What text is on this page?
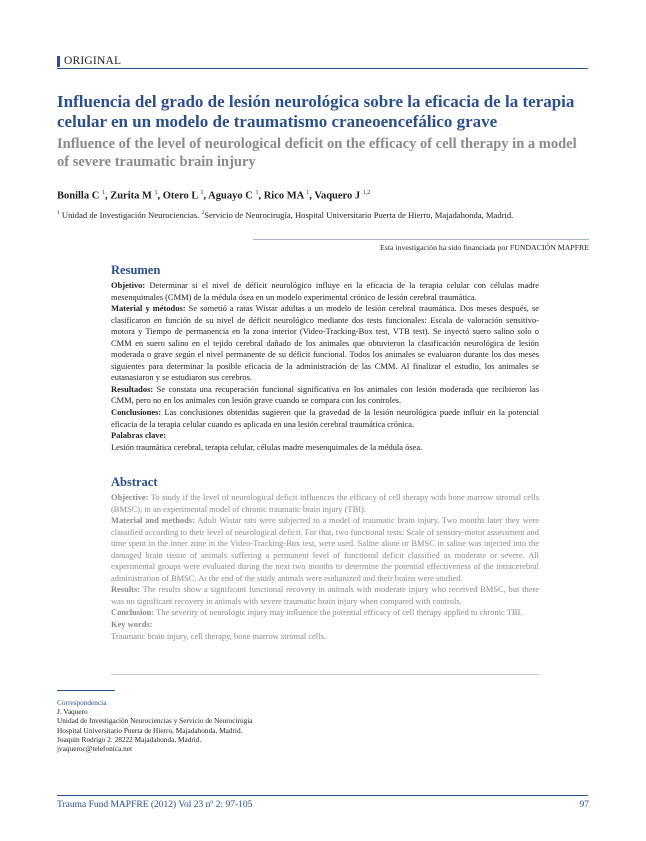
ORIGINAL
Influencia del grado de lesión neurológica sobre la eficacia de la terapia celular en un modelo de traumatismo craneoencefálico grave
Influence of the level of neurological deficit on the efficacy of cell therapy in a model of severe traumatic brain injury
Bonilla C $^1$, Zurita M $^1$, Otero L $^1$, Aguayo C $^1$, Rico MA $^1$, Vaquero J $^{1,2}$
$^1$ Unidad de Investigación Neurociencias. $^2$Servicio de Neurocirugía, Hospital Universitario Puerta de Hierro, Majadahonda, Madrid.
Esta investigación ha sido financiada por FUNDACIÓN MAPFRE
Resumen

Objetivo: Determinar si el nivel de déficit neurológico influye en la eficacia de la terapia celular con células madre mesenquimales (CMM) de la médula ósea en un modelo experimental crónico de lesión cerebral traumática.

Material y métodos: Se sometió a ratas Wistar adultas a un modelo de lesión cerebral traumática. Dos meses después, se clasificaron en función de su nivel de déficit neurológico mediante dos tests funcionales: Escala de valoración sensitivo-motora y Tiempo de permanencia en la zona interior (Video-Tracking-Box test, VTB test). Se inyectó suero salino solo o CMM en suero salino en el tejido cerebral dañado de los animales que obtuvieron la clasificación neurológica de lesión moderada o grave según el nivel permanente de su déficit funcional. Todos los animales se evaluaron durante los dos meses siguientes para determinar la posible eficacia de la administración de las CMM. Al finalizar el estudio, los animales se eutanasiaron y se estudiaron sus cerebros.

Resultados: Se constata una recuperación funcional significativa en los animales con lesión moderada que recibieron las CMM, pero no en los animales con lesión grave cuando se compara con los controles.

Conclusiones: Las conclusiones obtenidas sugieren que la gravedad de la lesión neurológica puede influir en la potencial eficacia de la terapia celular cuando es aplicada en una lesión cerebral traumática crónica.

Palabras clave:

Lesión traumática cerebral, terapia celular, células madre mesenquimales de la médula ósea.

Abstract

Objective: To study if the level of neurological deficit influences the efficacy of cell therapy with bone marrow stromal cells (BMSC), in an experimental model of chronic traumatic brain injury (TBI).

Material and methods: Adult Wistar rats were subjected to a model of traumatic brain injury. Two months later they were classified according to their level of neurological deficit. For that, two functional tests: Scale of sensory-motor assessment and time spent in the inner zone in the Video-Tracking-Box test, were used. Saline alone or BMSC in saline was injected into the damaged brain tissue of animals suffering a permanent level of functional deficit classified as moderate or severe. All experimental groups were evaluated during the next two months to determine the potential effectiveness of the intracerebral administration of BMSC. At the end of the study animals were euthanized and their brains were studied.

Results: The results show a significant functional recovery in animals with moderate injury who received BMSC, but there was no significant recovery in animals with severe traumatic brain injury when compared with controls.

Conclusion: The severity of neurologic injury may influence the potential efficacy of cell therapy applied to chronic TBI.

Key words:

Traumatic brain injury, cell therapy, bone marrow stromal cells.

Correspondencia
J. Vaquero
Unidad de Investigación Neurociencias y Servicio de Neurocirugía
Hospital Universitario Puerta de Hierro, Majadahonda, Madrid.
Joaquín Rodrigo 2. 28222 Majadahonda, Madrid.
jvaqueroc@telefonica.net
Trauma Fund MAPFRE (2012) Vol 23 nº 2: 97-105	97
